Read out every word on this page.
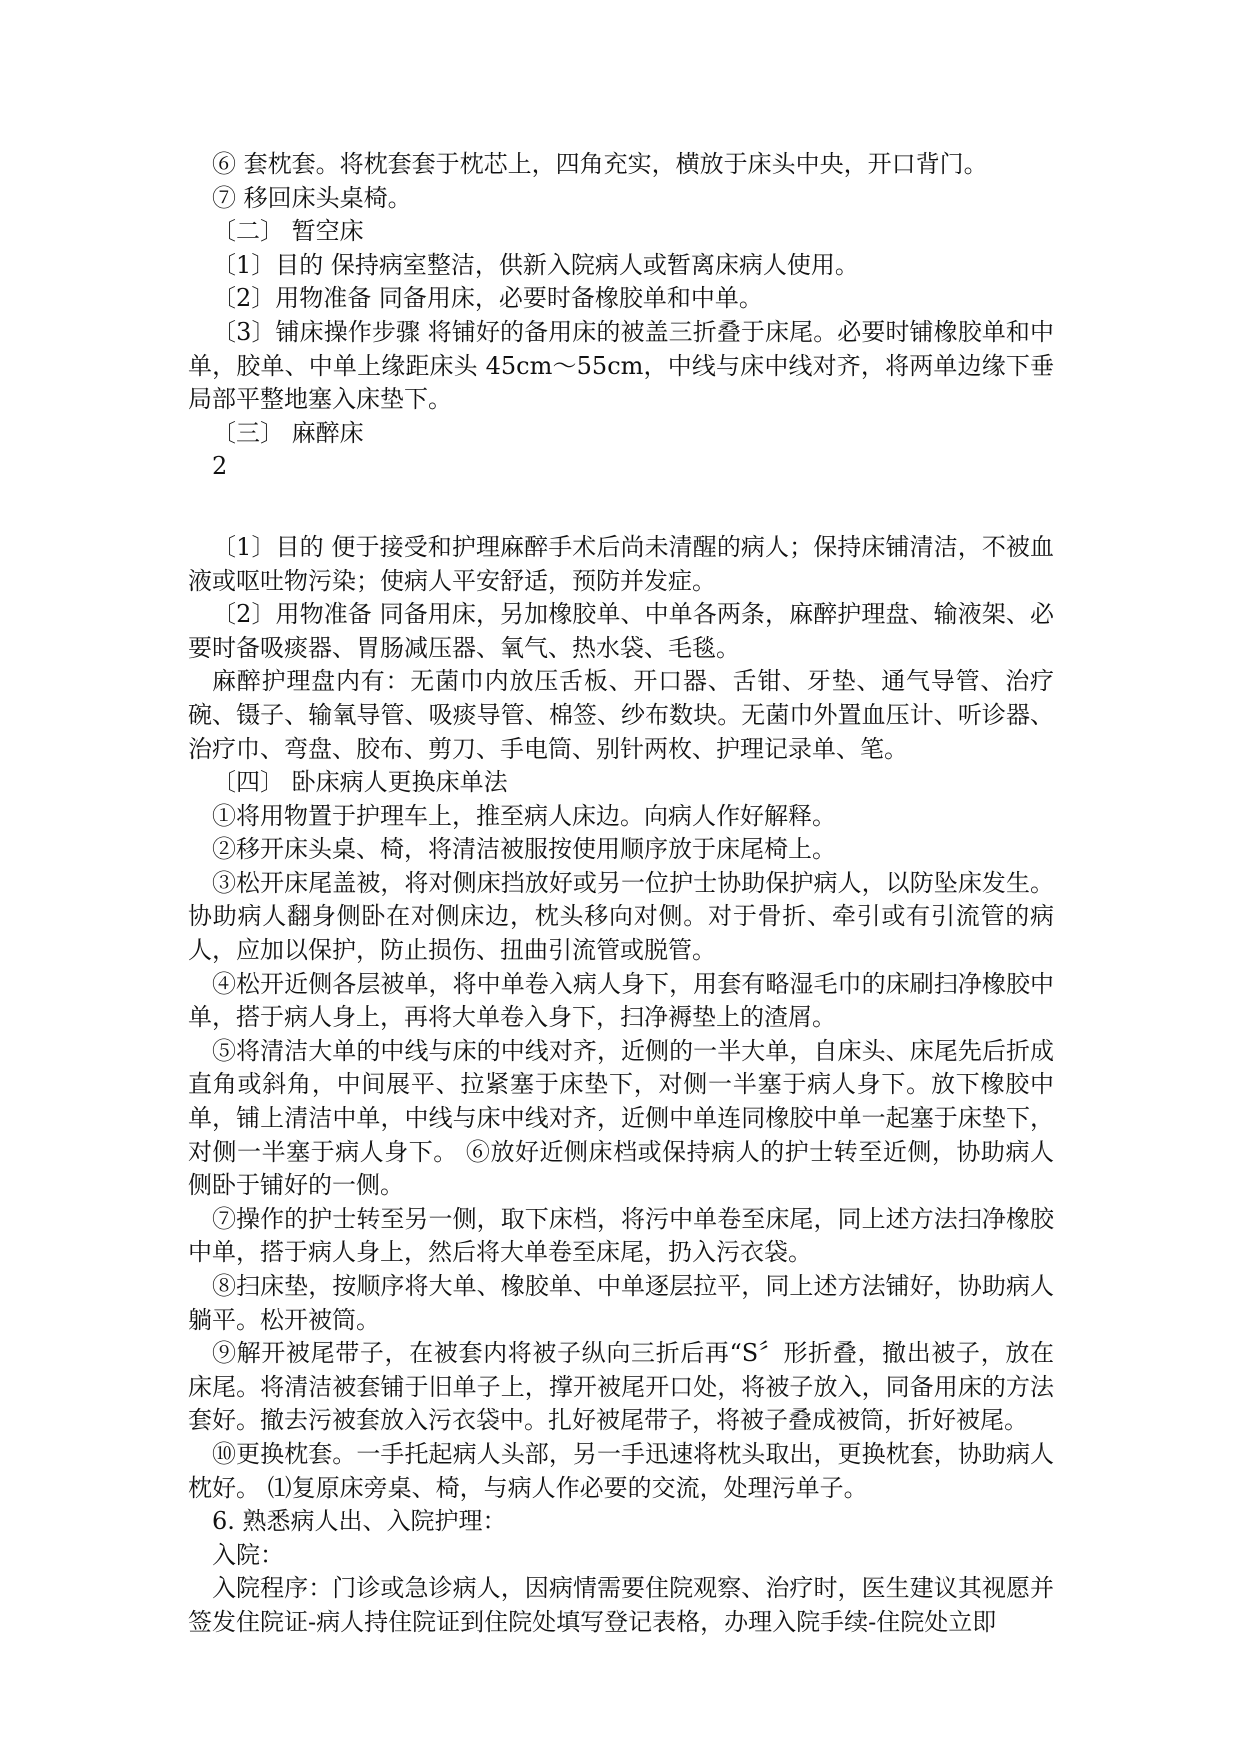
⑥ 套枕套。将枕套套于枕芯上，四角充实，横放于床头中央，开口背门。

⑦ 移回床头桌椅。

〔二〕 暂空床

〔1〕目的 保持病室整洁，供新入院病人或暂离床病人使用。

〔2〕用物准备 同备用床，必要时备橡胶单和中单。

〔3〕铺床操作步骤 将铺好的备用床的被盖三折叠于床尾。必要时铺橡胶单和中单，胶单、中单上缘距床头 45cm～55cm，中线与床中线对齐，将两单边缘下垂局部平整地塞入床垫下。

〔三〕 麻醉床

2

〔1〕目的 便于接受和护理麻醉手术后尚未清醒的病人；保持床铺清洁，不被血液或呕吐物污染；使病人平安舒适，预防并发症。

〔2〕用物准备 同备用床，另加橡胶单、中单各两条，麻醉护理盘、输液架、必要时备吸痰器、胃肠减压器、氧气、热水袋、毛毯。

麻醉护理盘内有：无菌巾内放压舌板、开口器、舌钳、牙垫、通气导管、治疗碗、镊子、输氧导管、吸痰导管、棉签、纱布数块。无菌巾外置血压计、听诊器、治疗巾、弯盘、胶布、剪刀、手电筒、别针两枚、护理记录单、笔。

〔四〕 卧床病人更换床单法

①将用物置于护理车上，推至病人床边。向病人作好解释。

②移开床头桌、椅，将清洁被服按使用顺序放于床尾椅上。

③松开床尾盖被，将对侧床挡放好或另一位护士协助保护病人，以防坠床发生。协助病人翻身侧卧在对侧床边，枕头移向对侧。对于骨折、牵引或有引流管的病人，应加以保护，防止损伤、扭曲引流管或脱管。

④松开近侧各层被单，将中单卷入病人身下，用套有略湿毛巾的床刷扫净橡胶中单，搭于病人身上，再将大单卷入身下，扫净褥垫上的渣屑。

⑤将清洁大单的中线与床的中线对齐，近侧的一半大单，自床头、床尾先后折成直角或斜角，中间展平、拉紧塞于床垫下，对侧一半塞于病人身下。放下橡胶中单，铺上清洁中单，中线与床中线对齐，近侧中单连同橡胶中单一起塞于床垫下，对侧一半塞于病人身下。 ⑥放好近侧床档或保持病人的护士转至近侧，协助病人侧卧于铺好的一侧。

⑦操作的护士转至另一侧，取下床档，将污中单卷至床尾，同上述方法扫净橡胶中单，搭于病人身上，然后将大单卷至床尾，扔入污衣袋。

⑧扫床垫，按顺序将大单、橡胶单、中单逐层拉平，同上述方法铺好，协助病人躺平。松开被筒。

⑨解开被尾带子，在被套内将被子纵向三折后再“S〞形折叠，撤出被子，放在床尾。将清洁被套铺于旧单子上，撑开被尾开口处，将被子放入，同备用床的方法套好。撤去污被套放入污衣袋中。扎好被尾带子，将被子叠成被筒，折好被尾。

⑩更换枕套。一手托起病人头部，另一手迅速将枕头取出，更换枕套，协助病人枕好。 ⑴复原床旁桌、椅，与病人作必要的交流，处理污单子。

6. 熟悉病人出、入院护理：

入院：

入院程序：门诊或急诊病人，因病情需要住院观察、治疗时，医生建议其视愿并签发住院证-病人持住院证到住院处填写登记表格，办理入院手续-住院处立即
